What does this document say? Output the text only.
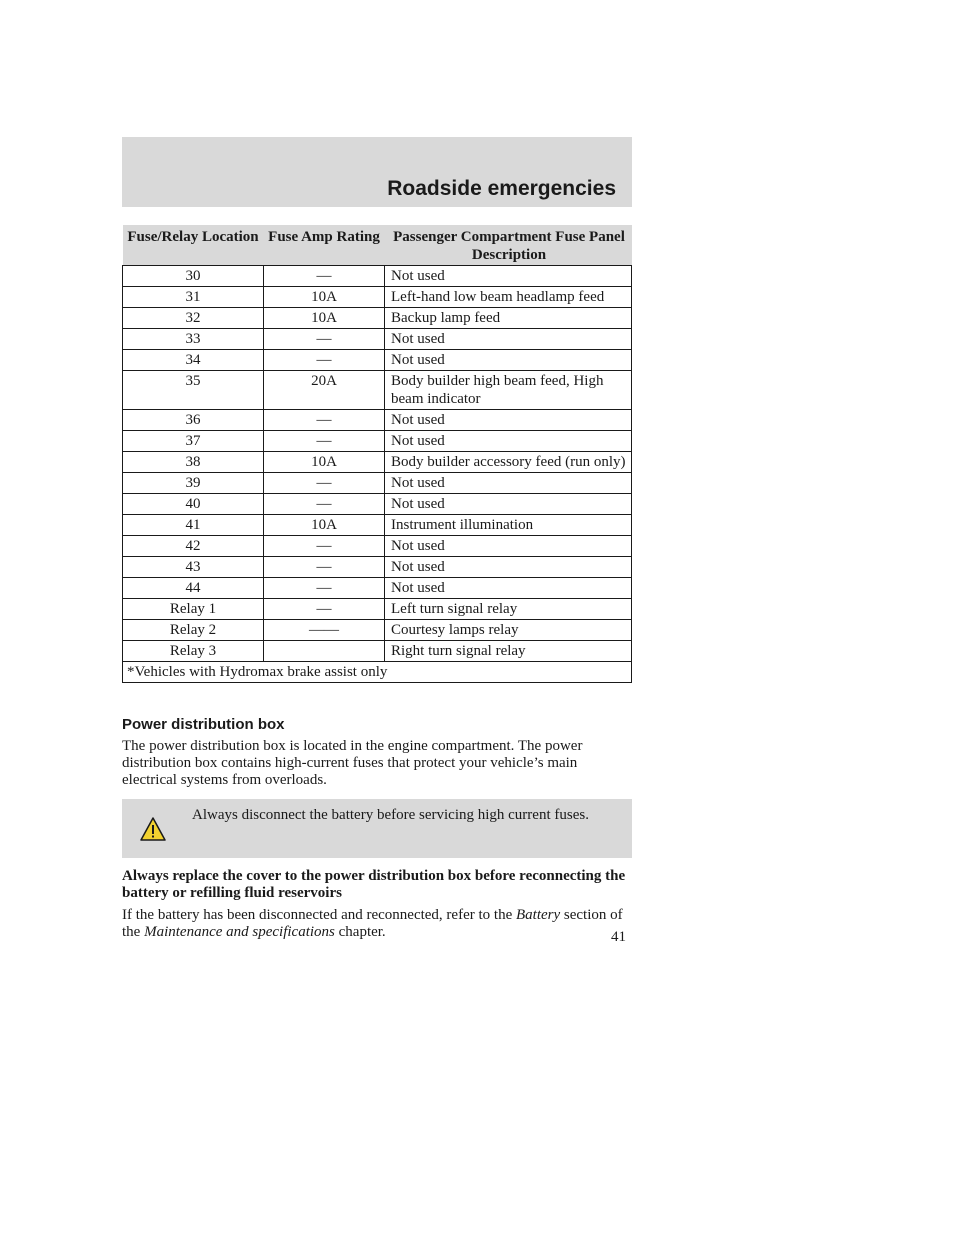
Roadside emergencies
Fuse/Relay Location	Fuse Amp Rating	Passenger Compartment Fuse Panel Description
30	—	Not used
31	10A	Left-hand low beam headlamp feed
32	10A	Backup lamp feed
33	—	Not used
34	—	Not used
35	20A	Body builder high beam feed, High beam indicator
36	—	Not used
37	—	Not used
38	10A	Body builder accessory feed (run only)
39	—	Not used
40	—	Not used
41	10A	Instrument illumination
42	—	Not used
43	—	Not used
44	—	Not used
Relay 1	—	Left turn signal relay
Relay 2	——	Courtesy lamps relay
Relay 3		Right turn signal relay
*Vehicles with Hydromax brake assist only		
Power distribution box

The power distribution box is located in the engine compartment. The power distribution box contains high-current fuses that protect your vehicle’s main electrical systems from overloads.

Always disconnect the battery before servicing high current fuses.

Always replace the cover to the power distribution box before reconnecting the battery or refilling fluid reservoirs

If the battery has been disconnected and reconnected, refer to the Battery section of the Maintenance and specifications chapter.	41
